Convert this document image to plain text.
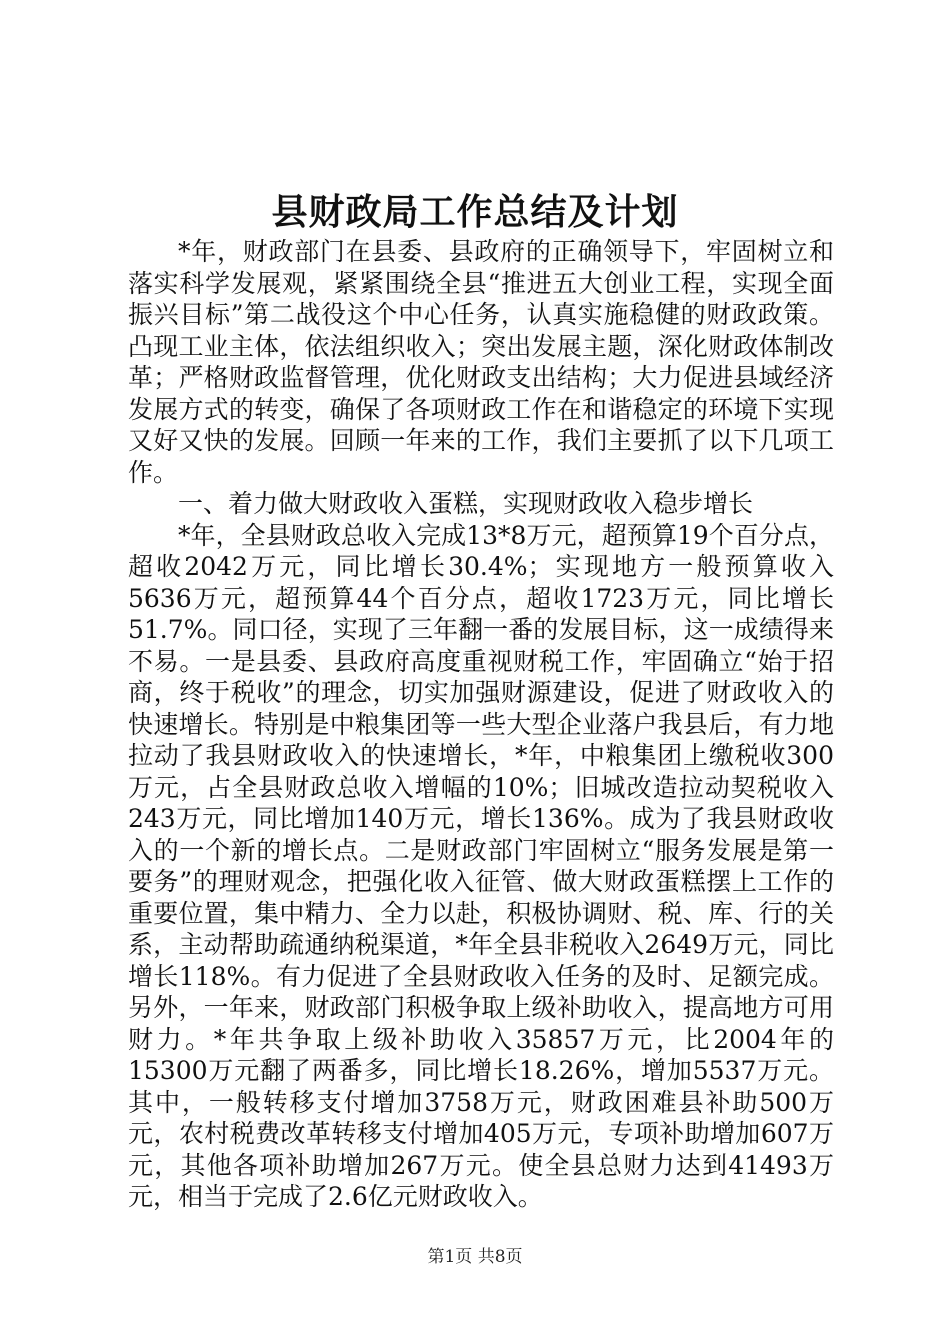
县财政局工作总结及计划

*年，财政部门在县委、县政府的正确领导下，牢固树立和落实科学发展观，紧紧围绕全县“推进五大创业工程，实现全面振兴目标”第二战役这个中心任务，认真实施稳健的财政政策。凸现工业主体，依法组织收入；突出发展主题，深化财政体制改革；严格财政监督管理，优化财政支出结构；大力促进县域经济发展方式的转变，确保了各项财政工作在和谐稳定的环境下实现又好又快的发展。回顾一年来的工作，我们主要抓了以下几项工作。

一、着力做大财政收入蛋糕，实现财政收入稳步增长

*年，全县财政总收入完成13*8万元，超预算19个百分点，超收2042万元，同比增长30.4%；实现地方一般预算收入5636万元，超预算44个百分点，超收1723万元，同比增长51.7%。同口径，实现了三年翻一番的发展目标，这一成绩得来不易。一是县委、县政府高度重视财税工作，牢固确立“始于招商，终于税收”的理念，切实加强财源建设，促进了财政收入的快速增长。特别是中粮集团等一些大型企业落户我县后，有力地拉动了我县财政收入的快速增长，*年，中粮集团上缴税收300万元，占全县财政总收入增幅的10%；旧城改造拉动契税收入243万元，同比增加140万元，增长136%。成为了我县财政收入的一个新的增长点。二是财政部门牢固树立“服务发展是第一要务”的理财观念，把强化收入征管、做大财政蛋糕摆上工作的重要位置，集中精力、全力以赴，积极协调财、税、库、行的关系，主动帮助疏通纳税渠道，*年全县非税收入2649万元，同比增长118%。有力促进了全县财政收入任务的及时、足额完成。另外，一年来，财政部门积极争取上级补助收入，提高地方可用财力。*年共争取上级补助收入35857万元，比2004年的15300万元翻了两番多，同比增长18.26%，增加5537万元。其中，一般转移支付增加3758万元，财政困难县补助500万元，农村税费改革转移支付增加405万元，专项补助增加607万元，其他各项补助增加267万元。使全县总财力达到41493万元，相当于完成了2.6亿元财政收入。

第1页 共8页
